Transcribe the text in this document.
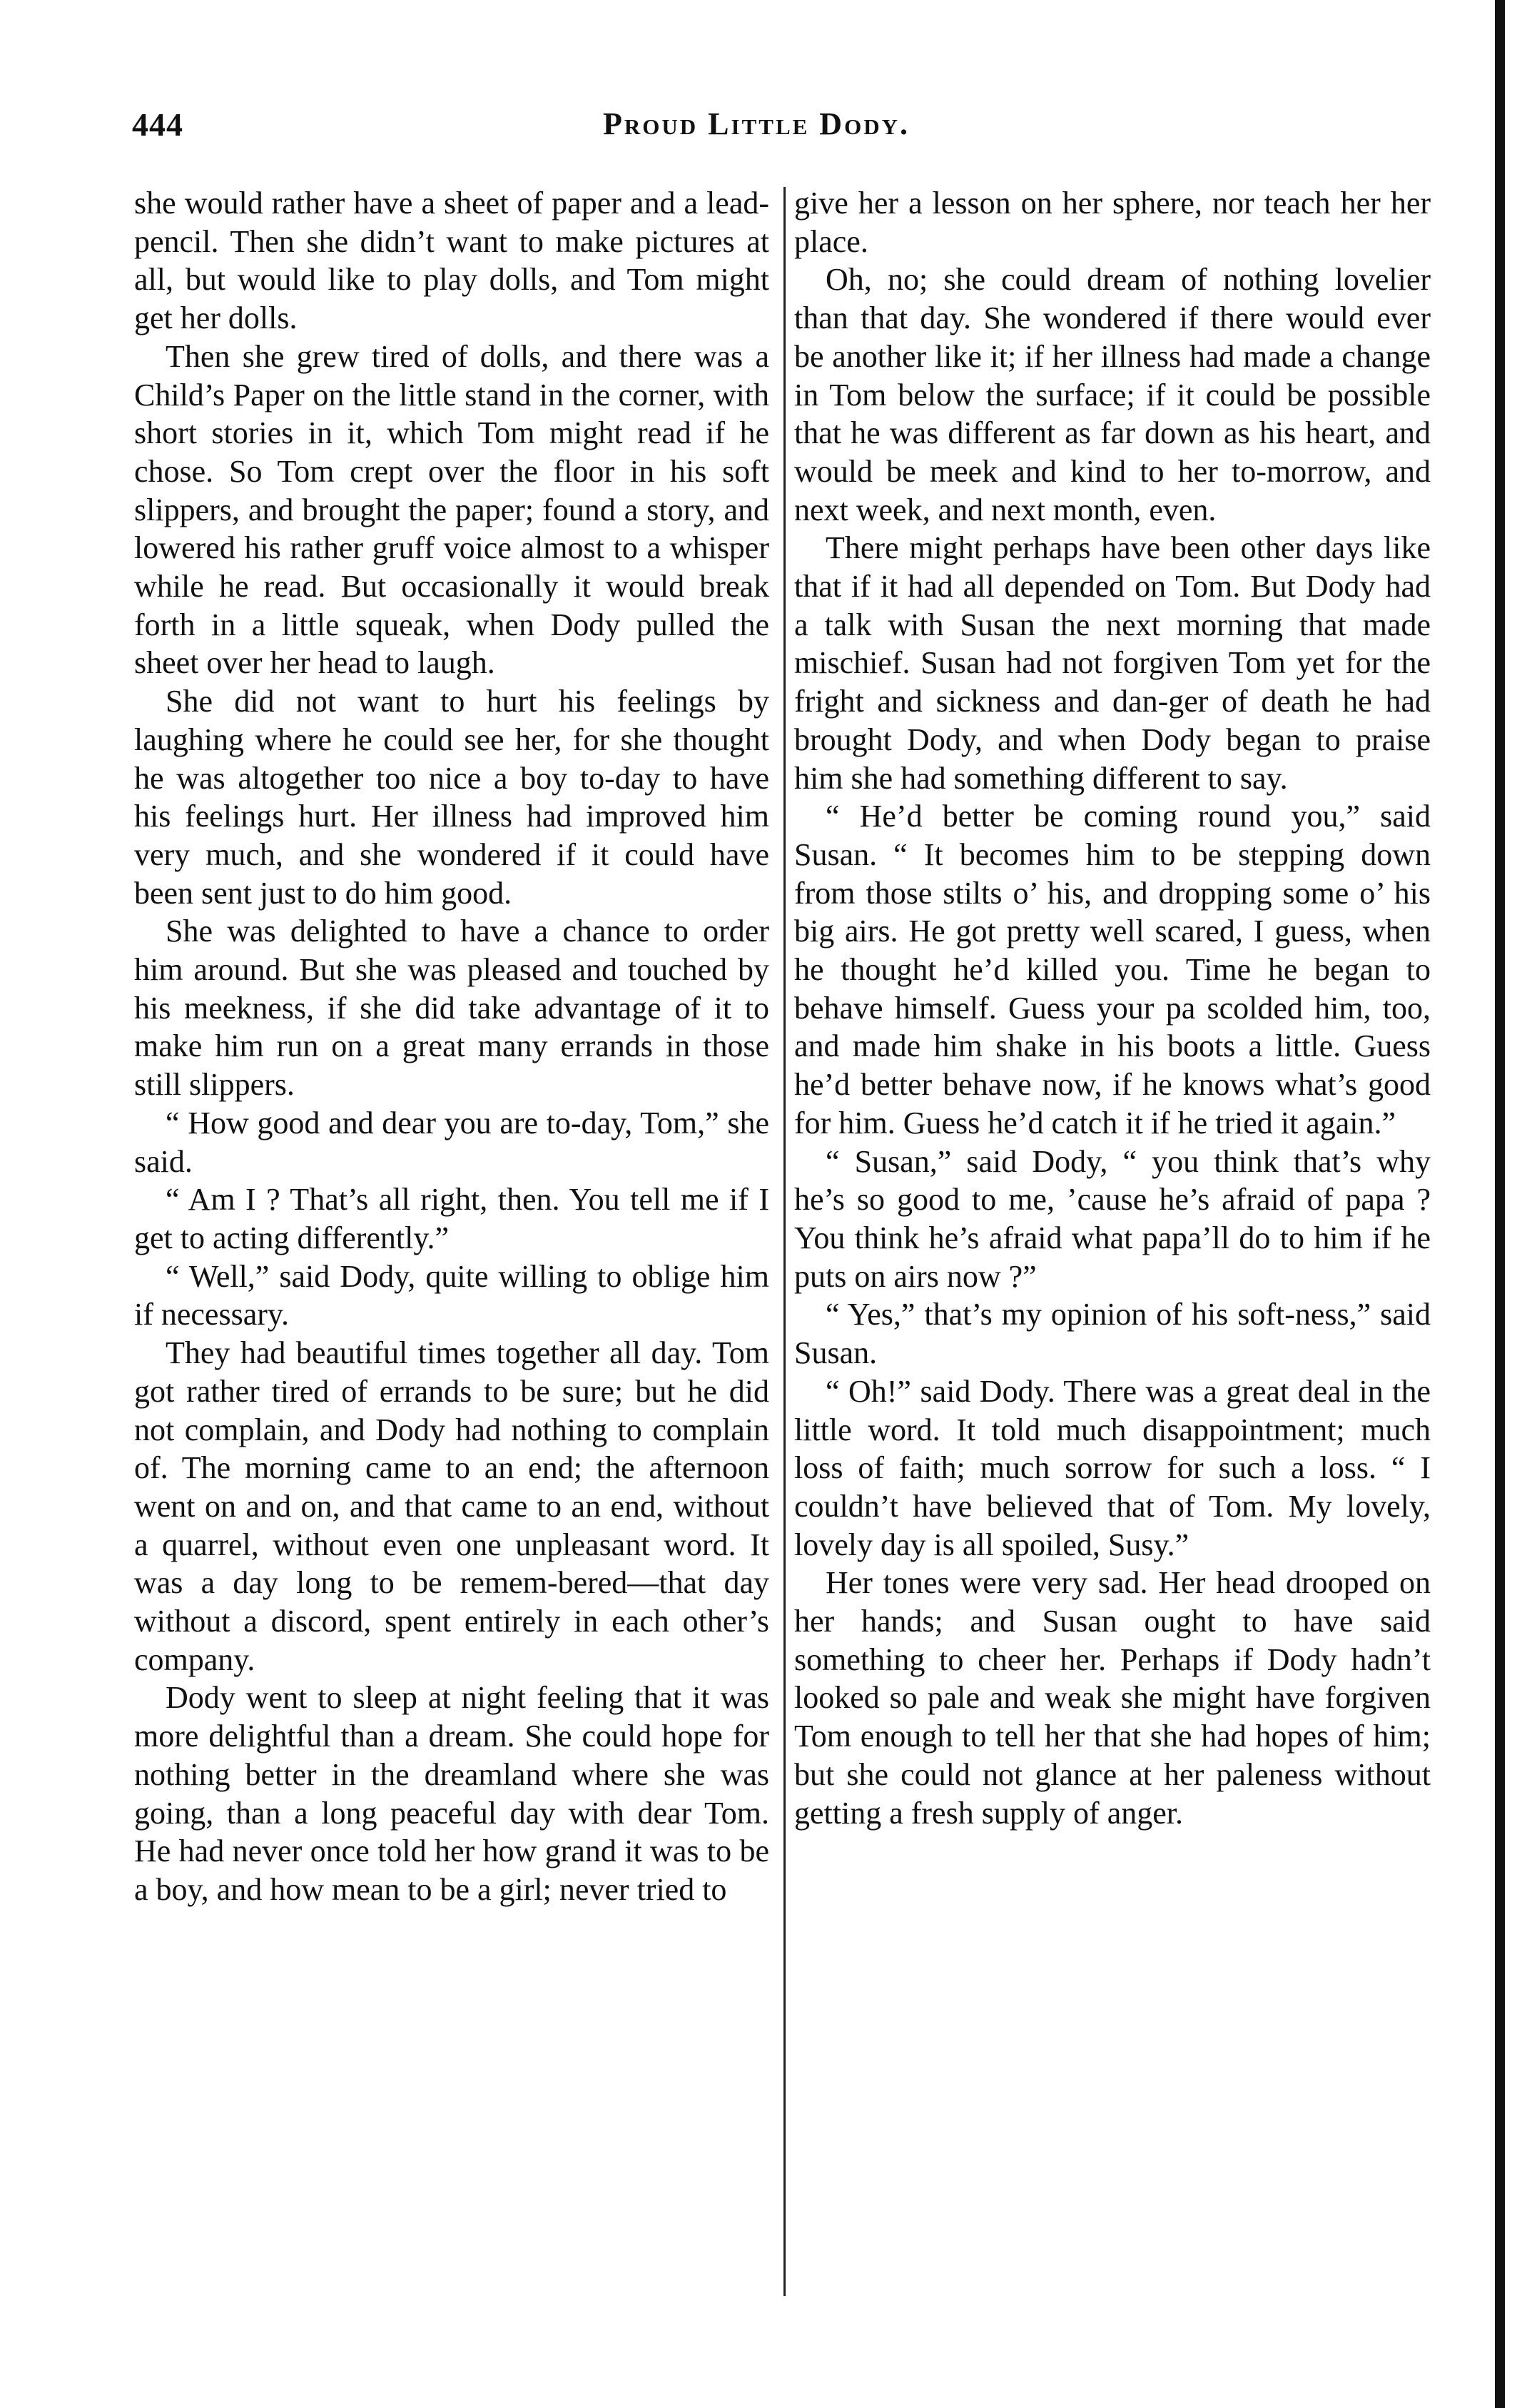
444	Proud Little Dody.

she would rather have a sheet of paper and a lead-pencil. Then she didn’t want to make pictures at all, but would like to play dolls, and Tom might get her dolls.

Then she grew tired of dolls, and there was a Child’s Paper on the little stand in the corner, with short stories in it, which Tom might read if he chose. So Tom crept over the floor in his soft slippers, and brought the paper; found a story, and lowered his rather gruff voice almost to a whisper while he read. But occasionally it would break forth in a little squeak, when Dody pulled the sheet over her head to laugh.

She did not want to hurt his feelings by laughing where he could see her, for she thought he was altogether too nice a boy to-day to have his feelings hurt. Her illness had improved him very much, and she wondered if it could have been sent just to do him good.

She was delighted to have a chance to order him around. But she was pleased and touched by his meekness, if she did take advantage of it to make him run on a great many errands in those still slippers.

“ How good and dear you are to-day, Tom,” she said.

“ Am I ? That’s all right, then. You tell me if I get to acting differently.”

“ Well,” said Dody, quite willing to oblige him if necessary.

They had beautiful times together all day. Tom got rather tired of errands to be sure; but he did not complain, and Dody had nothing to complain of. The morning came to an end; the afternoon went on and on, and that came to an end, without a quarrel, without even one unpleasant word. It was a day long to be remem-bered—that day without a discord, spent entirely in each other’s company.

Dody went to sleep at night feeling that it was more delightful than a dream. She could hope for nothing better in the dreamland where she was going, than a long peaceful day with dear Tom. He had never once told her how grand it was to be a boy, and how mean to be a girl; never tried to

give her a lesson on her sphere, nor teach her her place.

Oh, no; she could dream of nothing lovelier than that day. She wondered if there would ever be another like it; if her illness had made a change in Tom below the surface; if it could be possible that he was different as far down as his heart, and would be meek and kind to her to-morrow, and next week, and next month, even.

There might perhaps have been other days like that if it had all depended on Tom. But Dody had a talk with Susan the next morning that made mischief. Susan had not forgiven Tom yet for the fright and sickness and dan-ger of death he had brought Dody, and when Dody began to praise him she had something different to say.

“ He’d better be coming round you,” said Susan. “ It becomes him to be stepping down from those stilts o’ his, and dropping some o’ his big airs. He got pretty well scared, I guess, when he thought he’d killed you. Time he began to behave himself. Guess your pa scolded him, too, and made him shake in his boots a little. Guess he’d better behave now, if he knows what’s good for him. Guess he’d catch it if he tried it again.”

“ Susan,” said Dody, “ you think that’s why he’s so good to me, ’cause he’s afraid of papa ? You think he’s afraid what papa’ll do to him if he puts on airs now ?”

“ Yes,” that’s my opinion of his soft-ness,” said Susan.

“ Oh!” said Dody. There was a great deal in the little word. It told much disappointment; much loss of faith; much sorrow for such a loss. “ I couldn’t have believed that of Tom. My lovely, lovely day is all spoiled, Susy.”

Her tones were very sad. Her head drooped on her hands; and Susan ought to have said something to cheer her. Perhaps if Dody hadn’t looked so pale and weak she might have forgiven Tom enough to tell her that she had hopes of him; but she could not glance at her paleness without getting a fresh supply of anger.
